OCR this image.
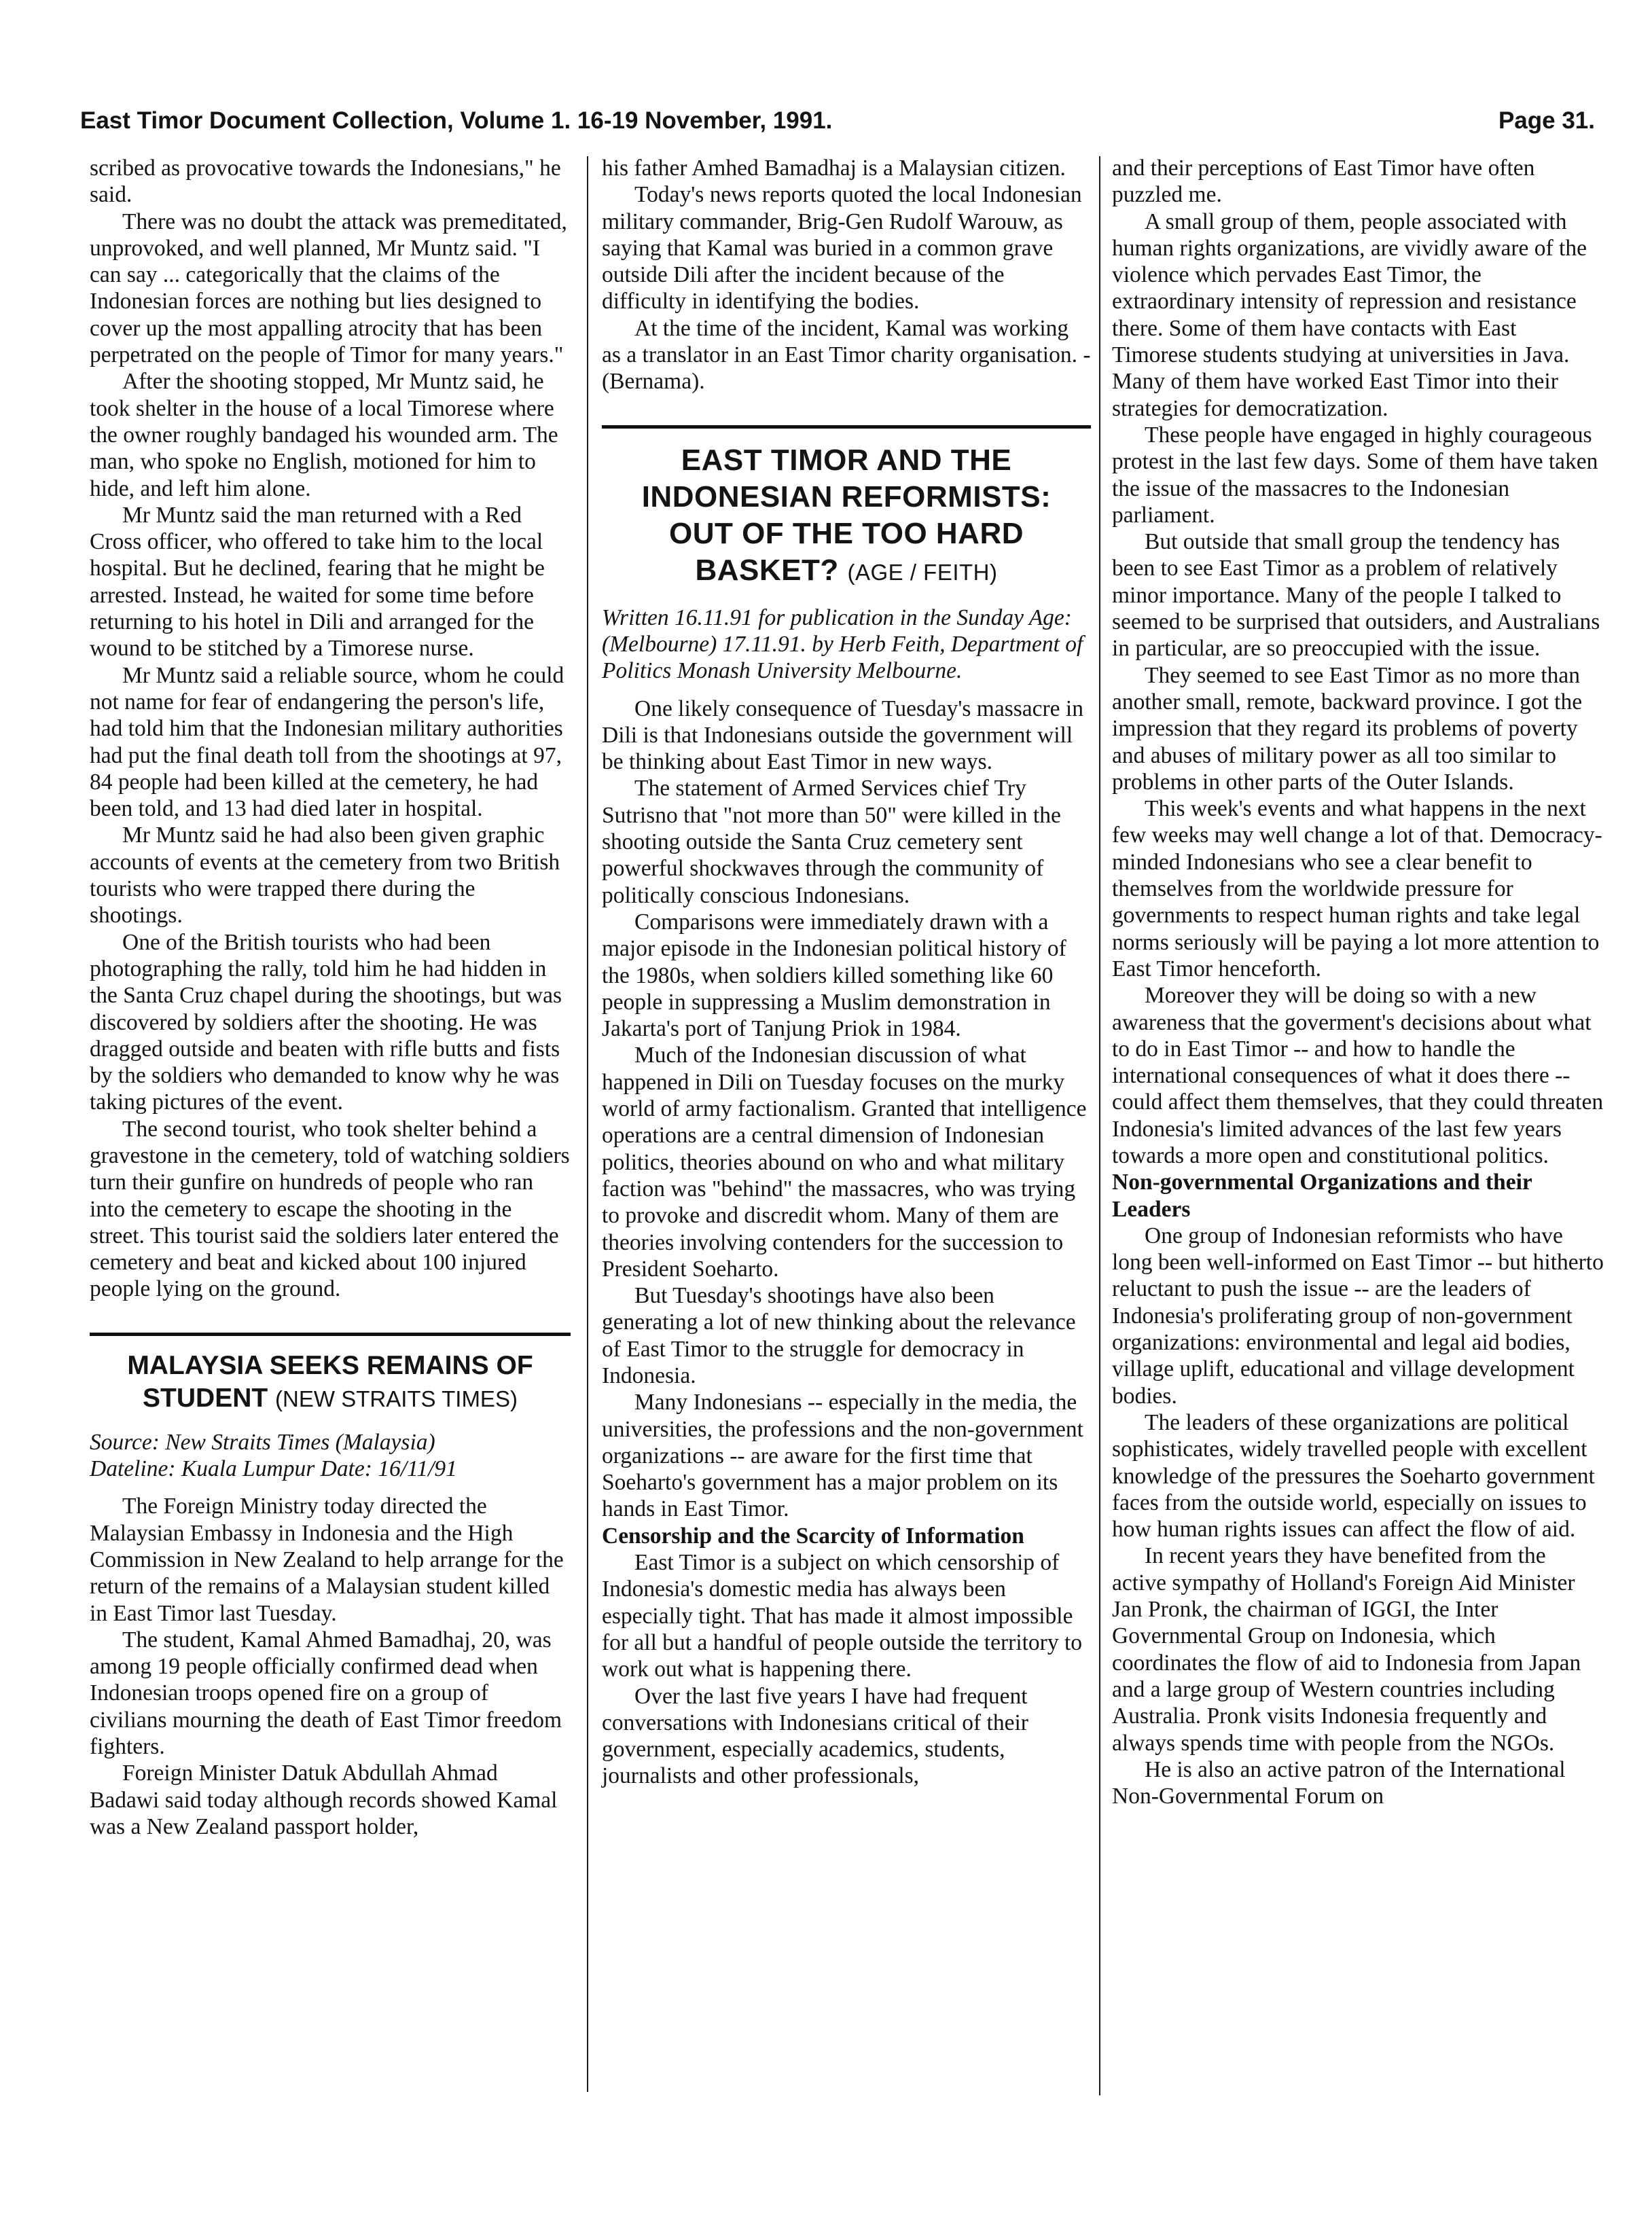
East Timor Document Collection, Volume 1. 16-19 November, 1991.	Page 31.

scribed as provocative towards the Indonesians," he said.

There was no doubt the attack was premeditated, unprovoked, and well planned, Mr Muntz said. "I can say ... categorically that the claims of the Indonesian forces are nothing but lies designed to cover up the most appalling atrocity that has been perpetrated on the people of Timor for many years."

After the shooting stopped, Mr Muntz said, he took shelter in the house of a local Timorese where the owner roughly bandaged his wounded arm. The man, who spoke no English, motioned for him to hide, and left him alone.

Mr Muntz said the man returned with a Red Cross officer, who offered to take him to the local hospital. But he declined, fearing that he might be arrested. Instead, he waited for some time before returning to his hotel in Dili and arranged for the wound to be stitched by a Timorese nurse.

Mr Muntz said a reliable source, whom he could not name for fear of endangering the person's life, had told him that the Indonesian military authorities had put the final death toll from the shootings at 97, 84 people had been killed at the cemetery, he had been told, and 13 had died later in hospital.

Mr Muntz said he had also been given graphic accounts of events at the cemetery from two British tourists who were trapped there during the shootings.

One of the British tourists who had been photographing the rally, told him he had hidden in the Santa Cruz chapel during the shootings, but was discovered by soldiers after the shooting. He was dragged outside and beaten with rifle butts and fists by the soldiers who demanded to know why he was taking pictures of the event.

The second tourist, who took shelter behind a gravestone in the cemetery, told of watching soldiers turn their gunfire on hundreds of people who ran into the cemetery to escape the shooting in the street. This tourist said the soldiers later entered the cemetery and beat and kicked about 100 injured people lying on the ground.

MALAYSIA SEEKS REMAINS OF
STUDENT (NEW STRAITS TIMES)

Source: New Straits Times (Malaysia)

Dateline: Kuala Lumpur Date: 16/11/91

The Foreign Ministry today directed the Malaysian Embassy in Indonesia and the High Commission in New Zealand to help arrange for the return of the remains of a Malaysian student killed in East Timor last Tuesday.

The student, Kamal Ahmed Bamadhaj, 20, was among 19 people officially confirmed dead when Indonesian troops opened fire on a group of civilians mourning the death of East Timor freedom fighters.

Foreign Minister Datuk Abdullah Ahmad Badawi said today although records showed Kamal was a New Zealand passport holder,

his father Amhed Bamadhaj is a Malaysian citizen.

Today's news reports quoted the local Indonesian military commander, Brig-Gen Rudolf Warouw, as saying that Kamal was buried in a common grave outside Dili after the incident because of the difficulty in identifying the bodies.

At the time of the incident, Kamal was working as a translator in an East Timor charity organisation. - (Bernama).

EAST TIMOR AND THE
INDONESIAN REFORMISTS:
OUT OF THE TOO HARD
BASKET? (AGE / FEITH)

Written 16.11.91 for publication in the Sunday Age: (Melbourne) 17.11.91. by Herb Feith, Department of Politics Monash University Melbourne.

One likely consequence of Tuesday's massacre in Dili is that Indonesians outside the government will be thinking about East Timor in new ways.

The statement of Armed Services chief Try Sutrisno that "not more than 50" were killed in the shooting outside the Santa Cruz cemetery sent powerful shockwaves through the community of politically conscious Indonesians.

Comparisons were immediately drawn with a major episode in the Indonesian political history of the 1980s, when soldiers killed something like 60 people in suppressing a Muslim demonstration in Jakarta's port of Tanjung Priok in 1984.

Much of the Indonesian discussion of what happened in Dili on Tuesday focuses on the murky world of army factionalism. Granted that intelligence operations are a central dimension of Indonesian politics, theories abound on who and what military faction was "behind" the massacres, who was trying to provoke and discredit whom. Many of them are theories involving contenders for the succession to President Soeharto.

But Tuesday's shootings have also been generating a lot of new thinking about the relevance of East Timor to the struggle for democracy in Indonesia.

Many Indonesians -- especially in the media, the universities, the professions and the non-government organizations -- are aware for the first time that Soeharto's government has a major problem on its hands in East Timor.

Censorship and the Scarcity of Information

East Timor is a subject on which censorship of Indonesia's domestic media has always been especially tight. That has made it almost impossible for all but a handful of people outside the territory to work out what is happening there.

Over the last five years I have had frequent conversations with Indonesians critical of their government, especially academics, students, journalists and other professionals,

and their perceptions of East Timor have often puzzled me.

A small group of them, people associated with human rights organizations, are vividly aware of the violence which pervades East Timor, the extraordinary intensity of repression and resistance there. Some of them have contacts with East Timorese students studying at universities in Java. Many of them have worked East Timor into their strategies for democratization.

These people have engaged in highly courageous protest in the last few days. Some of them have taken the issue of the massacres to the Indonesian parliament.

But outside that small group the tendency has been to see East Timor as a problem of relatively minor importance. Many of the people I talked to seemed to be surprised that outsiders, and Australians in particular, are so preoccupied with the issue.

They seemed to see East Timor as no more than another small, remote, backward province. I got the impression that they regard its problems of poverty and abuses of military power as all too similar to problems in other parts of the Outer Islands.

This week's events and what happens in the next few weeks may well change a lot of that. Democracy-minded Indonesians who see a clear benefit to themselves from the worldwide pressure for governments to respect human rights and take legal norms seriously will be paying a lot more attention to East Timor henceforth.

Moreover they will be doing so with a new awareness that the goverment's decisions about what to do in East Timor -- and how to handle the international consequences of what it does there --could affect them themselves, that they could threaten Indonesia's limited advances of the last few years towards a more open and constitutional politics.

Non-governmental Organizations and their Leaders

One group of Indonesian reformists who have long been well-informed on East Timor -- but hitherto reluctant to push the issue -- are the leaders of Indonesia's proliferating group of non-government organizations: environmental and legal aid bodies, village uplift, educational and village development bodies.

The leaders of these organizations are political sophisticates, widely travelled people with excellent knowledge of the pressures the Soeharto government faces from the outside world, especially on issues to how human rights issues can affect the flow of aid.

In recent years they have benefited from the active sympathy of Holland's Foreign Aid Minister Jan Pronk, the chairman of IGGI, the Inter Governmental Group on Indonesia, which coordinates the flow of aid to Indonesia from Japan and a large group of Western countries including Australia. Pronk visits Indonesia frequently and always spends time with people from the NGOs.

He is also an active patron of the International Non-Governmental Forum on
